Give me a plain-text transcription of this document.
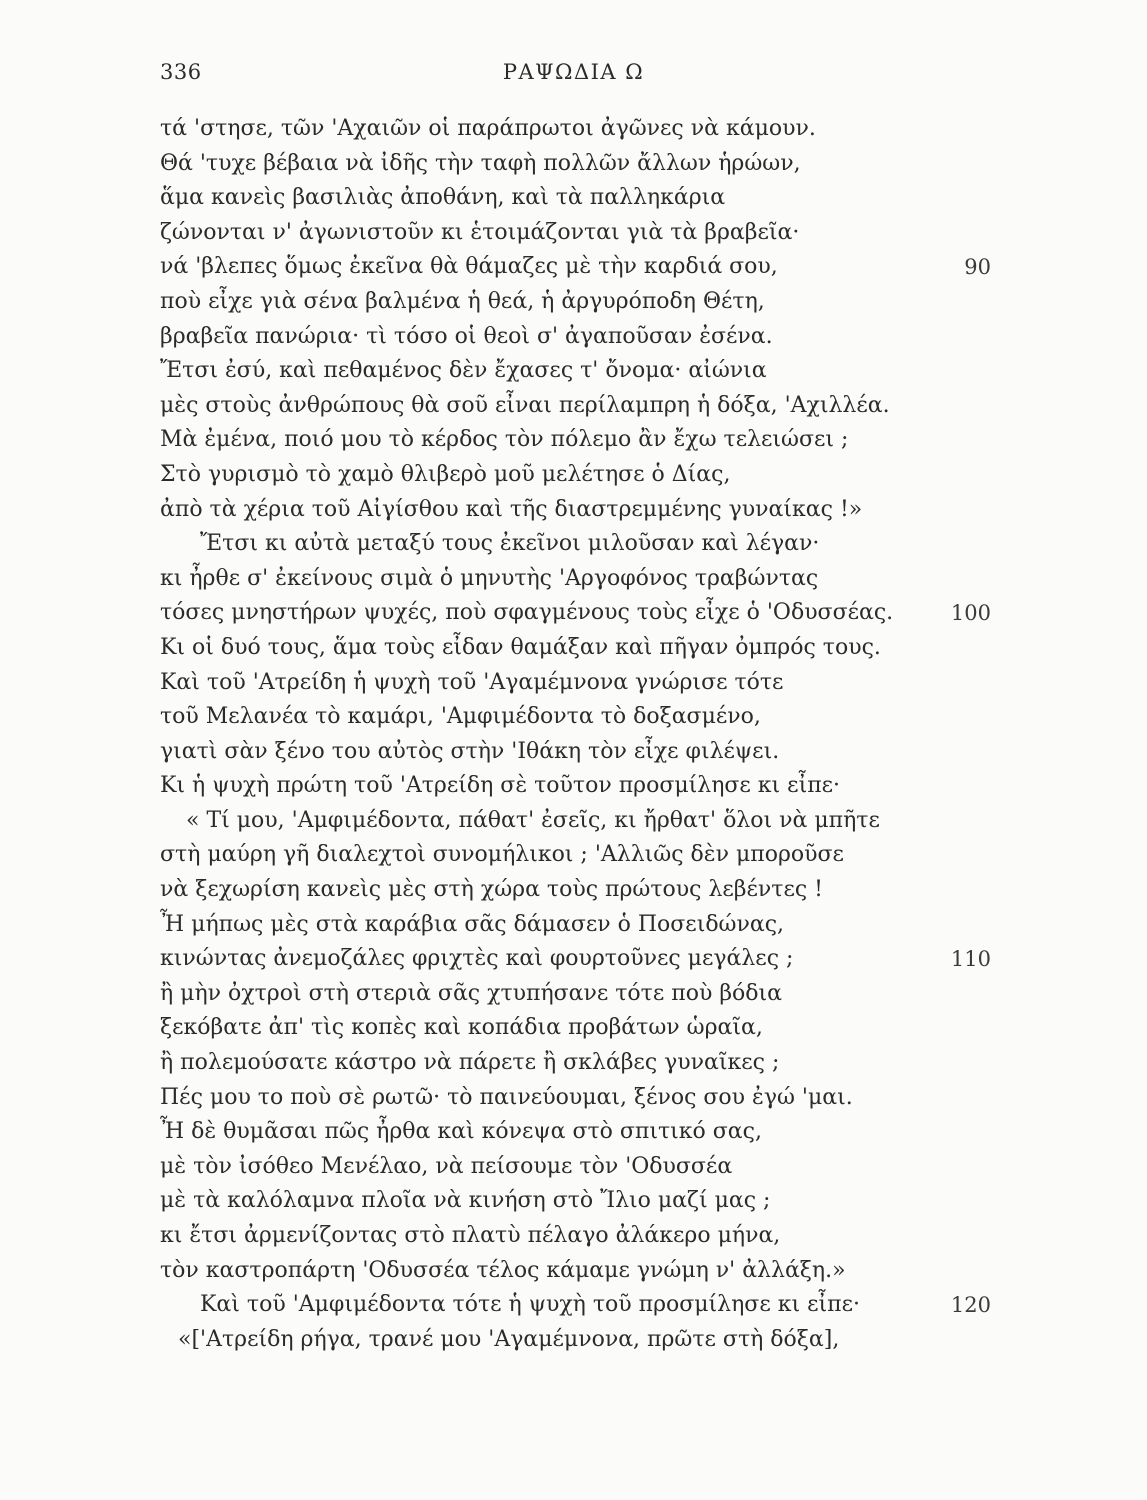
336	ΡΑΨΩΔΙΑ Ω
τά 'στησε, τῶν 'Αχαιῶν οἱ παράπρωτοι ἀγῶνες νὰ κάμουν.
Θά 'τυχε βέβαια νὰ ἰδῆς τὴν ταφὴ πολλῶν ἄλλων ἡρώων,
ἅμα κανεὶς βασιλιὰς ἀποθάνη, καὶ τὰ παλληκάρια
ζώνονται ν' ἀγωνιστοῦν κι ἑτοιμάζονται γιὰ τὰ βραβεῖα·
νά 'βλεπες ὅμως ἐκεῖνα θὰ θάμαζες μὲ τὴν καρδιά σου,	90
ποὺ εἶχε γιὰ σένα βαλμένα ἡ θεά, ἡ ἀργυρόποδη Θέτη,
βραβεῖα πανώρια· τὶ τόσο οἱ θεοὶ σ' ἀγαποῦσαν ἐσένα.
Ἔτσι ἐσύ, καὶ πεθαμένος δὲν ἔχασες τ' ὄνομα· αἰώνια
μὲς στοὺς ἀνθρώπους θὰ σοῦ εἶναι περίλαμπρη ἡ δόξα, 'Αχιλλέα.
Μὰ ἐμένα, ποιό μου τὸ κέρδος τὸν πόλεμο ἂν ἔχω τελειώσει ;
Στὸ γυρισμὸ τὸ χαμὸ θλιβερὸ μοῦ μελέτησε ὁ Δίας,
ἀπὸ τὰ χέρια τοῦ Αἰγίσθου καὶ τῆς διαστρεμμένης γυναίκας !»
Ἔτσι κι αὐτὰ μεταξύ τους ἐκεῖνοι μιλοῦσαν καὶ λέγαν·
κι ἦρθε σ' ἐκείνους σιμὰ ὁ μηνυτὴς 'Αργοφόνος τραβώντας
τόσες μνηστήρων ψυχές, ποὺ σφαγμένους τοὺς εἶχε ὁ 'Οδυσσέας.	100
Κι οἱ δυό τους, ἅμα τοὺς εἶδαν θαμάξαν καὶ πῆγαν ὀμπρός τους.
Καὶ τοῦ 'Ατρείδη ἡ ψυχὴ τοῦ 'Αγαμέμνονα γνώρισε τότε
τοῦ Μελανέα τὸ καμάρι, 'Αμφιμέδοντα τὸ δοξασμένο,
γιατὶ σὰν ξένο του αὐτὸς στὴν 'Ιθάκη τὸν εἶχε φιλέψει.
Κι ἡ ψυχὴ πρώτη τοῦ 'Ατρείδη σὲ τοῦτον προσμίλησε κι εἶπε·
« Τί μου, 'Αμφιμέδοντα, πάθατ' ἐσεῖς, κι ἤρθατ' ὅλοι νὰ μπῆτε
στὴ μαύρη γῆ διαλεχτοὶ συνομήλικοι ; 'Αλλιῶς δὲν μποροῦσε
νὰ ξεχωρίση κανεὶς μὲς στὴ χώρα τοὺς πρώτους λεβέντες !
Ἦ μήπως μὲς στὰ καράβια σᾶς δάμασεν ὁ Ποσειδώνας,
κινώντας ἀνεμοζάλες φριχτὲς καὶ φουρτοῦνες μεγάλες ;	110
ἢ μὴν ὀχτροὶ στὴ στεριὰ σᾶς χτυπήσανε τότε ποὺ βόδια
ξεκόβατε ἀπ' τὶς κοπὲς καὶ κοπάδια προβάτων ὡραῖα,
ἢ πολεμούσατε κάστρο νὰ πάρετε ἢ σκλάβες γυναῖκες ;
Πές μου το ποὺ σὲ ρωτῶ· τὸ παινεύουμαι, ξένος σου ἐγώ 'μαι.
Ἦ δὲ θυμᾶσαι πῶς ἦρθα καὶ κόνεψα στὸ σπιτικό σας,
μὲ τὸν ἰσόθεο Μενέλαο, νὰ πείσουμε τὸν 'Οδυσσέα
μὲ τὰ καλόλαμνα πλοῖα νὰ κινήση στὸ Ἴλιο μαζί μας ;
κι ἔτσι ἀρμενίζοντας στὸ πλατὺ πέλαγο ἀλάκερο μήνα,
τὸν καστροπάρτη 'Οδυσσέα τέλος κάμαμε γνώμη ν' ἀλλάξη.»
Καὶ τοῦ 'Αμφιμέδοντα τότε ἡ ψυχὴ τοῦ προσμίλησε κι εἶπε·	120
«['Ατρείδη ρήγα, τρανέ μου 'Αγαμέμνονα, πρῶτε στὴ δόξα],
